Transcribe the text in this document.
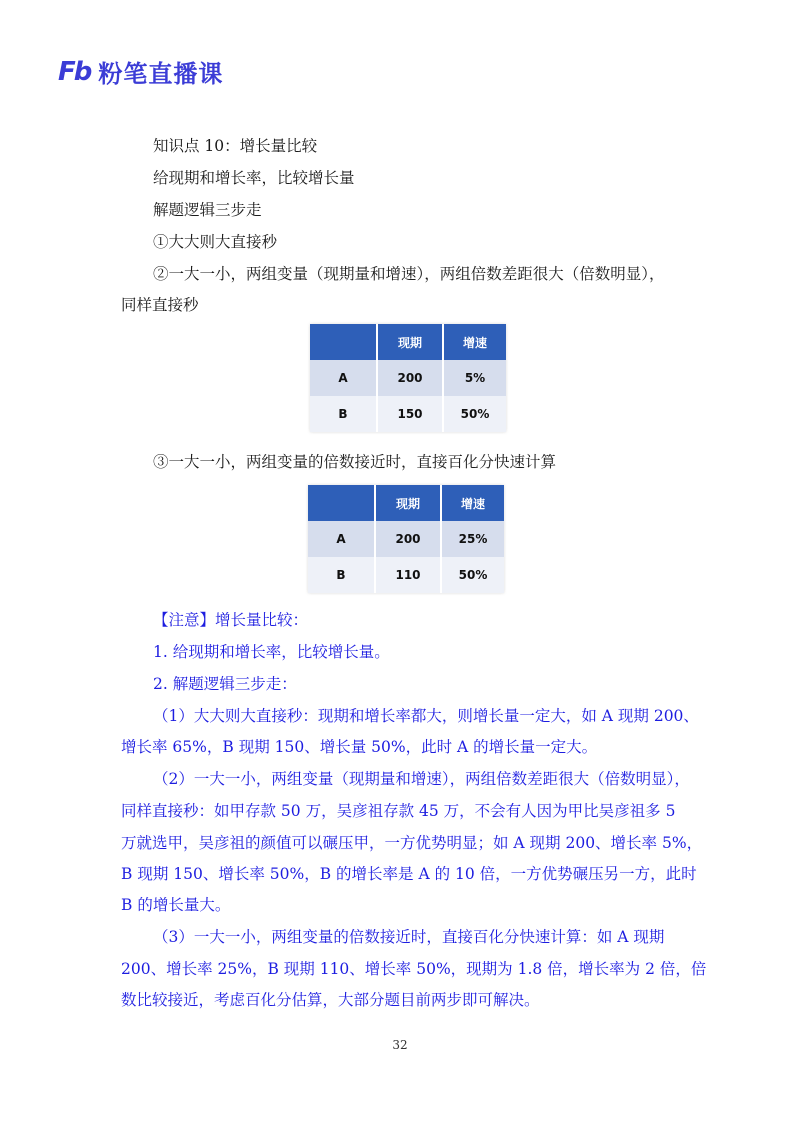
Fb 粉笔直播课
知识点 10：增长量比较
给现期和增长率，比较增长量
解题逻辑三步走
①大大则大直接秒
②一大一小，两组变量（现期量和增速），两组倍数差距很大（倍数明显），
同样直接秒
	现期	增速
A	200	5%
B	150	50%
③一大一小，两组变量的倍数接近时，直接百化分快速计算
	现期	增速
A	200	25%
B	110	50%
【注意】增长量比较：
1. 给现期和增长率，比较增长量。
2. 解题逻辑三步走：
（1）大大则大直接秒：现期和增长率都大，则增长量一定大，如 A 现期 200、
增长率 65%，B 现期 150、增长量 50%，此时 A 的增长量一定大。
（2）一大一小，两组变量（现期量和增速），两组倍数差距很大（倍数明显），
同样直接秒：如甲存款 50 万，吴彦祖存款 45 万，不会有人因为甲比吴彦祖多 5
万就选甲，吴彦祖的颜值可以碾压甲，一方优势明显；如 A 现期 200、增长率 5%，
B 现期 150、增长率 50%，B 的增长率是 A 的 10 倍，一方优势碾压另一方，此时
B 的增长量大。
（3）一大一小，两组变量的倍数接近时，直接百化分快速计算：如 A 现期
200、增长率 25%，B 现期 110、增长率 50%，现期为 1.8 倍，增长率为 2 倍，倍
数比较接近，考虑百化分估算，大部分题目前两步即可解决。
32
